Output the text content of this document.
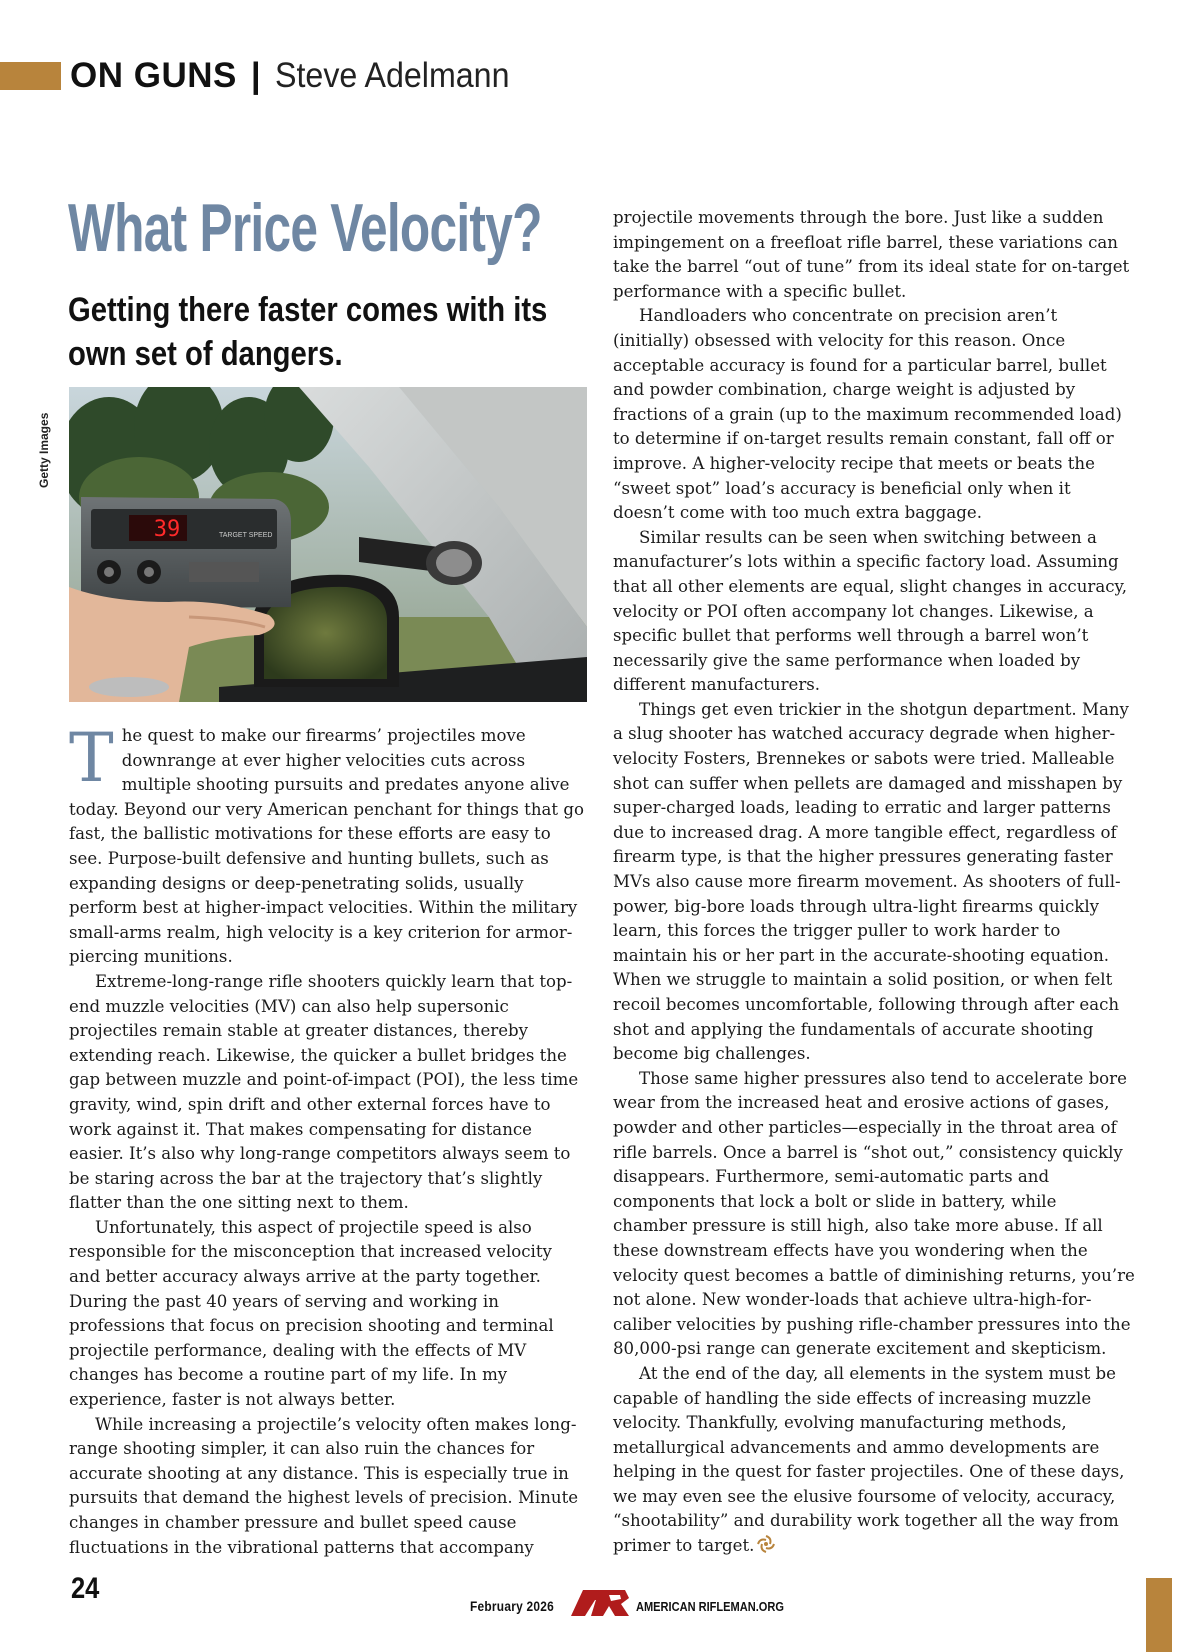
ON GUNS | Steve Adelmann
What Price Velocity?
Getting there faster comes with its own set of dangers.
Getty Images
39	TARGET SPEED

The quest to make our firearms’ projectiles move downrange at ever higher velocities cuts across multiple shooting pursuits and predates anyone alive today. Beyond our very American penchant for things that go fast, the ballistic motivations for these efforts are easy to see. Purpose-built defensive and hunting bullets, such as expanding designs or deep-penetrating solids, usually perform best at higher-impact velocities. Within the military small-arms realm, high velocity is a key criterion for armor-piercing munitions.

Extreme-long-range rifle shooters quickly learn that top-end muzzle velocities (MV) can also help supersonic projectiles remain stable at greater distances, thereby extending reach. Likewise, the quicker a bullet bridges the gap between muzzle and point-of-impact (POI), the less time gravity, wind, spin drift and other external forces have to work against it. That makes compensating for distance easier. It’s also why long-range competitors always seem to be staring across the bar at the trajectory that’s slightly flatter than the one sitting next to them.

Unfortunately, this aspect of projectile speed is also responsible for the misconception that increased velocity and better accuracy always arrive at the party together. During the past 40 years of serving and working in professions that focus on precision shooting and terminal projectile performance, dealing with the effects of MV changes has become a routine part of my life. In my experience, faster is not always better.

While increasing a projectile’s velocity often makes long-range shooting simpler, it can also ruin the chances for accurate shooting at any distance. This is especially true in pursuits that demand the highest levels of precision. Minute changes in chamber pressure and bullet speed cause fluctuations in the vibrational patterns that accompany

projectile movements through the bore. Just like a sudden impingement on a freefloat rifle barrel, these variations can take the barrel “out of tune” from its ideal state for on-target performance with a specific bullet.

Handloaders who concentrate on precision aren’t (initially) obsessed with velocity for this reason. Once acceptable accuracy is found for a particular barrel, bullet and powder combination, charge weight is adjusted by fractions of a grain (up to the maximum recommended load) to determine if on-target results remain constant, fall off or improve. A higher-velocity recipe that meets or beats the “sweet spot” load’s accuracy is beneficial only when it doesn’t come with too much extra baggage.

Similar results can be seen when switching between a manufacturer’s lots within a specific factory load. Assuming that all other elements are equal, slight changes in accuracy, velocity or POI often accompany lot changes. Likewise, a specific bullet that performs well through a barrel won’t necessarily give the same performance when loaded by different manufacturers.

Things get even trickier in the shotgun department. Many a slug shooter has watched accuracy degrade when higher-velocity Fosters, Brennekes or sabots were tried. Malleable shot can suffer when pellets are damaged and misshapen by super-charged loads, leading to erratic and larger patterns due to increased drag. A more tangible effect, regardless of firearm type, is that the higher pressures generating faster MVs also cause more firearm movement. As shooters of full-power, big-bore loads through ultra-light firearms quickly learn, this forces the trigger puller to work harder to maintain his or her part in the accurate-shooting equation. When we struggle to maintain a solid position, or when felt recoil becomes uncomfortable, following through after each shot and applying the fundamentals of accurate shooting become big challenges.

Those same higher pressures also tend to accelerate bore wear from the increased heat and erosive actions of gases, powder and other particles—especially in the throat area of rifle barrels. Once a barrel is “shot out,” consistency quickly disappears. Furthermore, semi-automatic parts and components that lock a bolt or slide in battery, while chamber pressure is still high, also take more abuse. If all these downstream effects have you wondering when the velocity quest becomes a battle of diminishing returns, you’re not alone. New wonder-loads that achieve ultra-high-for-caliber velocities by pushing rifle-chamber pressures into the 80,000-psi range can generate excitement and skepticism.

At the end of the day, all elements in the system must be capable of handling the side effects of increasing muzzle velocity. Thankfully, evolving manufacturing methods, metallurgical advancements and ammo developments are helping in the quest for faster projectiles. One of these days, we may even see the elusive foursome of velocity, accuracy, “shootability” and durability work together all the way from primer to target.

24
February 2026	AMERICAN RIFLEMAN.ORG
